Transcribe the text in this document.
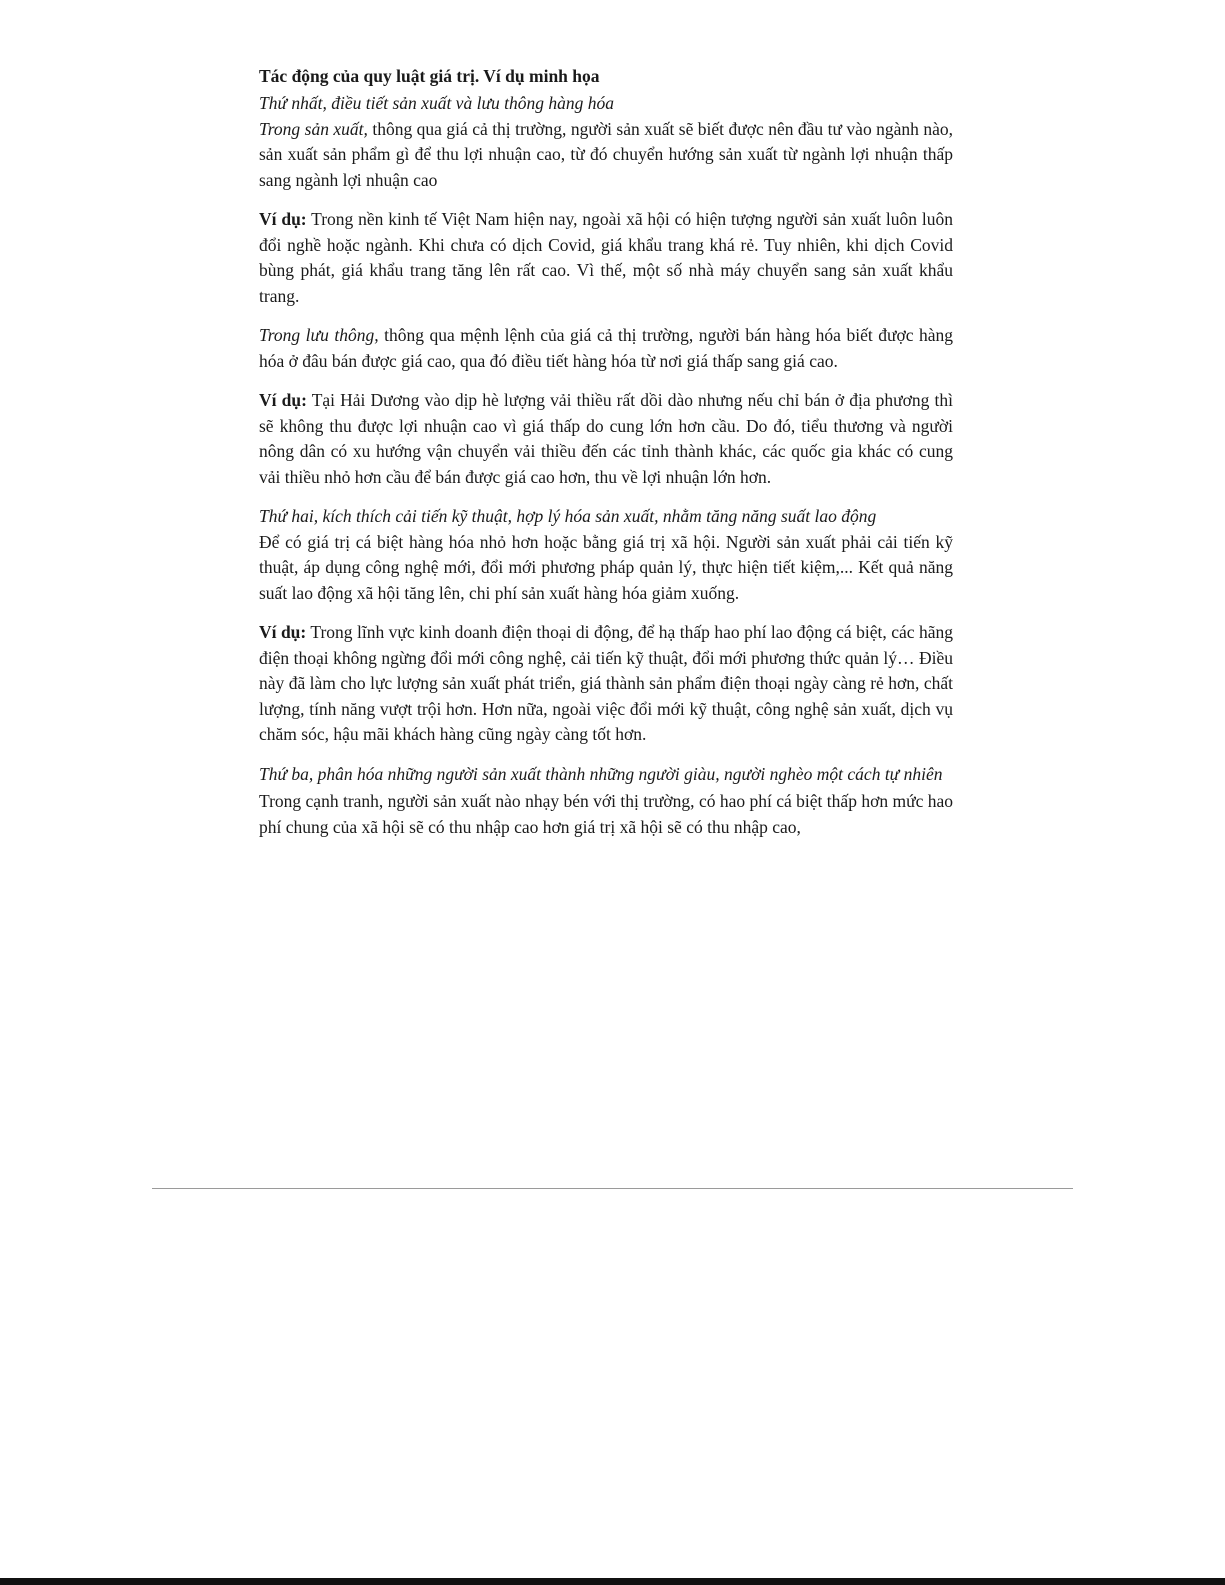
Tác động của quy luật giá trị. Ví dụ minh họa

Thứ nhất, điều tiết sản xuất và lưu thông hàng hóa

Trong sản xuất, thông qua giá cả thị trường, người sản xuất sẽ biết được nên đầu tư vào ngành nào, sản xuất sản phẩm gì để thu lợi nhuận cao, từ đó chuyển hướng sản xuất từ ngành lợi nhuận thấp sang ngành lợi nhuận cao

Ví dụ: Trong nền kinh tế Việt Nam hiện nay, ngoài xã hội có hiện tượng người sản xuất luôn luôn đổi nghề hoặc ngành. Khi chưa có dịch Covid, giá khẩu trang khá rẻ. Tuy nhiên, khi dịch Covid bùng phát, giá khẩu trang tăng lên rất cao. Vì thế, một số nhà máy chuyển sang sản xuất khẩu trang.

Trong lưu thông, thông qua mệnh lệnh của giá cả thị trường, người bán hàng hóa biết được hàng hóa ở đâu bán được giá cao, qua đó điều tiết hàng hóa từ nơi giá thấp sang giá cao.

Ví dụ: Tại Hải Dương vào dịp hè lượng vải thiều rất dồi dào nhưng nếu chỉ bán ở địa phương thì sẽ không thu được lợi nhuận cao vì giá thấp do cung lớn hơn cầu. Do đó, tiểu thương và người nông dân có xu hướng vận chuyển vải thiều đến các tỉnh thành khác, các quốc gia khác có cung vải thiều nhỏ hơn cầu để bán được giá cao hơn, thu về lợi nhuận lớn hơn.

Thứ hai, kích thích cải tiến kỹ thuật, hợp lý hóa sản xuất, nhằm tăng năng suất lao động

Để có giá trị cá biệt hàng hóa nhỏ hơn hoặc bằng giá trị xã hội. Người sản xuất phải cải tiến kỹ thuật, áp dụng công nghệ mới, đổi mới phương pháp quản lý, thực hiện tiết kiệm,... Kết quả năng suất lao động xã hội tăng lên, chi phí sản xuất hàng hóa giảm xuống.

Ví dụ: Trong lĩnh vực kinh doanh điện thoại di động, để hạ thấp hao phí lao động cá biệt, các hãng điện thoại không ngừng đổi mới công nghệ, cải tiến kỹ thuật, đổi mới phương thức quản lý… Điều này đã làm cho lực lượng sản xuất phát triển, giá thành sản phẩm điện thoại ngày càng rẻ hơn, chất lượng, tính năng vượt trội hơn. Hơn nữa, ngoài việc đổi mới kỹ thuật, công nghệ sản xuất, dịch vụ chăm sóc, hậu mãi khách hàng cũng ngày càng tốt hơn.

Thứ ba, phân hóa những người sản xuất thành những người giàu, người nghèo một cách tự nhiên

Trong cạnh tranh, người sản xuất nào nhạy bén với thị trường, có hao phí cá biệt thấp hơn mức hao phí chung của xã hội sẽ có thu nhập cao hơn giá trị xã hội sẽ có thu nhập cao,
